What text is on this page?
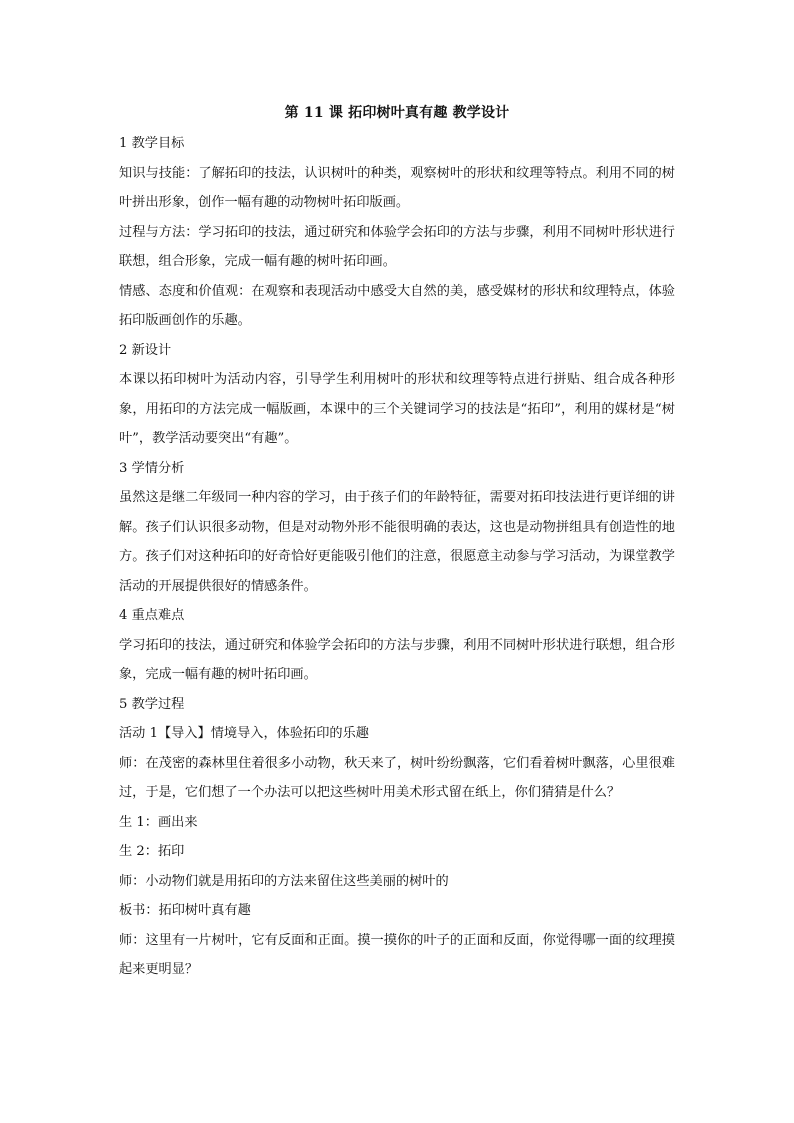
第 11 课 拓印树叶真有趣 教学设计

1 教学目标

知识与技能：了解拓印的技法，认识树叶的种类，观察树叶的形状和纹理等特点。利用不同的树叶拼出形象，创作一幅有趣的动物树叶拓印版画。

过程与方法：学习拓印的技法，通过研究和体验学会拓印的方法与步骤，利用不同树叶形状进行联想，组合形象，完成一幅有趣的树叶拓印画。

情感、态度和价值观：在观察和表现活动中感受大自然的美，感受媒材的形状和纹理特点，体验拓印版画创作的乐趣。

2 新设计

本课以拓印树叶为活动内容，引导学生利用树叶的形状和纹理等特点进行拼贴、组合成各种形象，用拓印的方法完成一幅版画，本课中的三个关键词学习的技法是“拓印”，利用的媒材是“树叶”，教学活动要突出“有趣”。

3 学情分析

虽然这是继二年级同一种内容的学习，由于孩子们的年龄特征，需要对拓印技法进行更详细的讲解。孩子们认识很多动物，但是对动物外形不能很明确的表达，这也是动物拼组具有创造性的地方。孩子们对这种拓印的好奇恰好更能吸引他们的注意，很愿意主动参与学习活动，为课堂教学活动的开展提供很好的情感条件。

4 重点难点

学习拓印的技法，通过研究和体验学会拓印的方法与步骤，利用不同树叶形状进行联想，组合形象，完成一幅有趣的树叶拓印画。

5 教学过程

活动 1【导入】情境导入，体验拓印的乐趣

师：在茂密的森林里住着很多小动物，秋天来了，树叶纷纷飘落，它们看着树叶飘落，心里很难过，于是，它们想了一个办法可以把这些树叶用美术形式留在纸上，你们猜猜是什么？

生 1：画出来

生 2：拓印

师：小动物们就是用拓印的方法来留住这些美丽的树叶的

板书：拓印树叶真有趣

师：这里有一片树叶，它有反面和正面。摸一摸你的叶子的正面和反面，你觉得哪一面的纹理摸起来更明显？
